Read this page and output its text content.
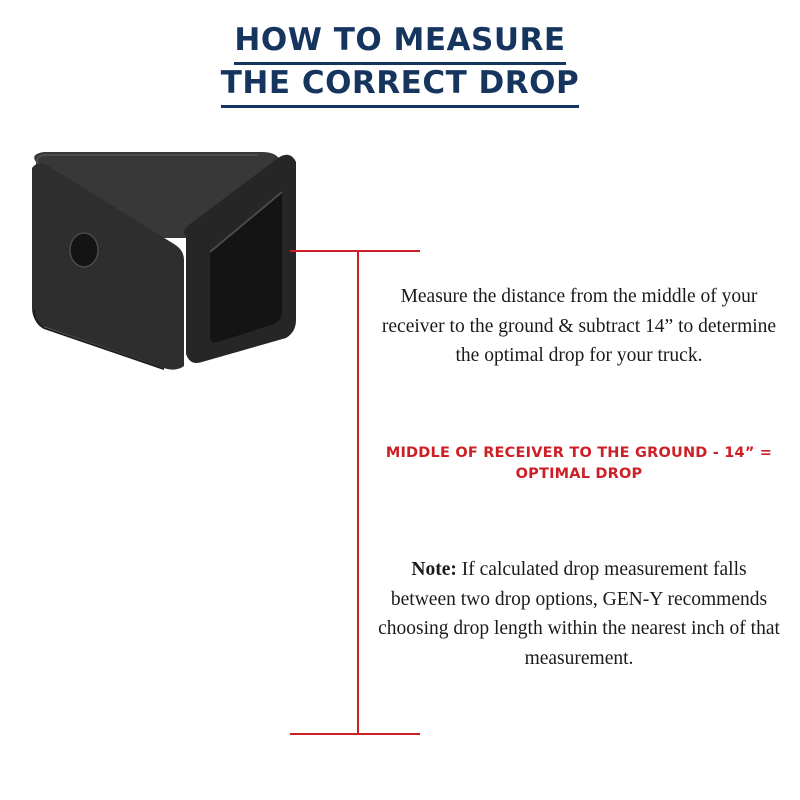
HOW TO MEASURE
THE CORRECT DROP
Measure the distance from the middle of your receiver to the ground & subtract 14” to determine the optimal drop for your truck.
MIDDLE OF RECEIVER TO THE GROUND - 14” =
OPTIMAL DROP
Note: If calculated drop measurement falls between two drop options, GEN-Y recommends choosing drop length within the nearest inch of that measurement.
